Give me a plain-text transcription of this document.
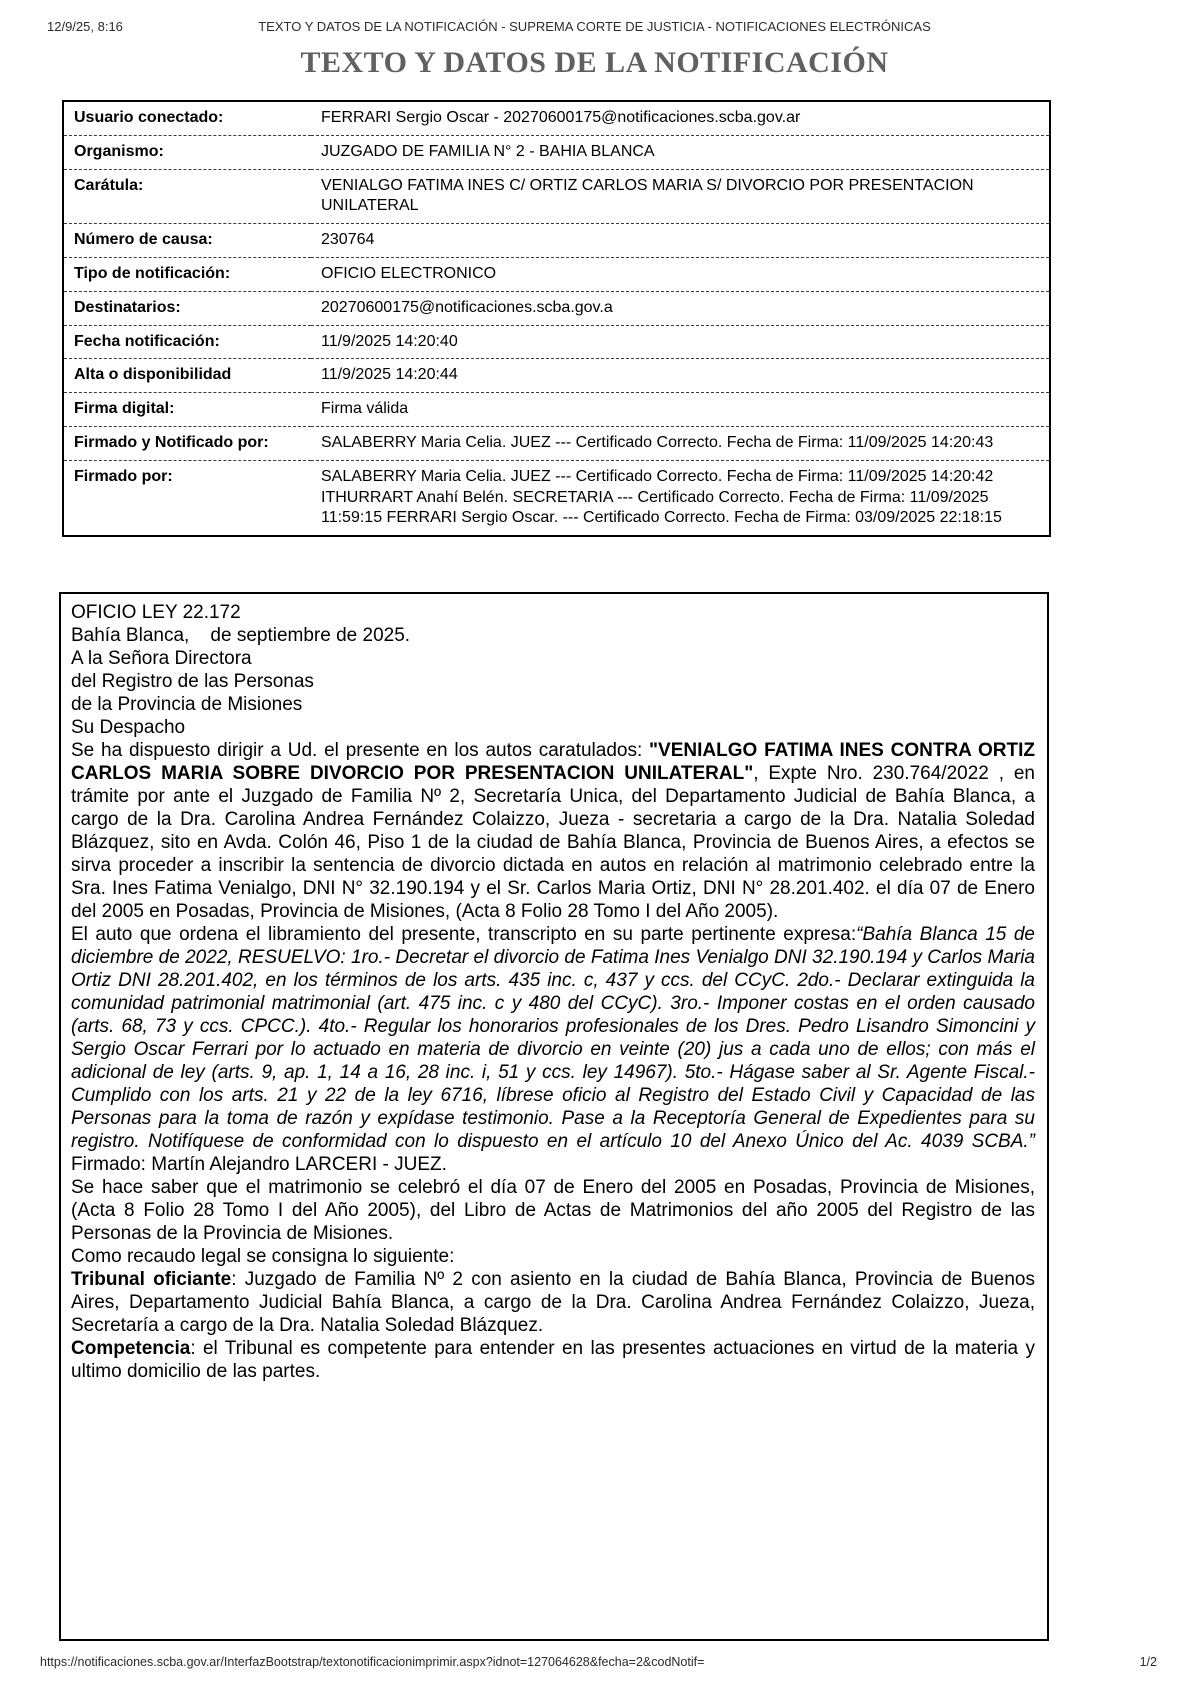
12/9/25, 8:16	TEXTO Y DATOS DE LA NOTIFICACIÓN - SUPREMA CORTE DE JUSTICIA - NOTIFICACIONES ELECTRÓNICAS
TEXTO Y DATOS DE LA NOTIFICACIÓN
Usuario conectado:	FERRARI Sergio Oscar - 20270600175@notificaciones.scba.gov.ar
Organismo:	JUZGADO DE FAMILIA N° 2 - BAHIA BLANCA
Carátula:	VENIALGO FATIMA INES C/ ORTIZ CARLOS MARIA S/ DIVORCIO POR PRESENTACION UNILATERAL
Número de causa:	230764
Tipo de notificación:	OFICIO ELECTRONICO
Destinatarios:	20270600175@notificaciones.scba.gov.a
Fecha notificación:	11/9/2025 14:20:40
Alta o disponibilidad	11/9/2025 14:20:44
Firma digital:	Firma válida
Firmado y Notificado por:	SALABERRY Maria Celia. JUEZ --- Certificado Correcto. Fecha de Firma: 11/09/2025 14:20:43
Firmado por:	SALABERRY Maria Celia. JUEZ --- Certificado Correcto. Fecha de Firma: 11/09/2025 14:20:42 ITHURRART Anahí Belén. SECRETARIA --- Certificado Correcto. Fecha de Firma: 11/09/2025 11:59:15 FERRARI Sergio Oscar. --- Certificado Correcto. Fecha de Firma: 03/09/2025 22:18:15
OFICIO LEY 22.172
Bahía Blanca,    de septiembre de 2025.
A la Señora Directora
del Registro de las Personas
de la Provincia de Misiones
Su Despacho

Se ha dispuesto dirigir a Ud. el presente en los autos caratulados: "VENIALGO FATIMA INES CONTRA ORTIZ CARLOS MARIA SOBRE DIVORCIO POR PRESENTACION UNILATERAL", Expte Nro. 230.764/2022 , en trámite por ante el Juzgado de Familia Nº 2, Secretaría Unica, del Departamento Judicial de Bahía Blanca, a cargo de la Dra. Carolina Andrea Fernández Colaizzo, Jueza - secretaria a cargo de la Dra. Natalia Soledad Blázquez, sito en Avda. Colón 46, Piso 1 de la ciudad de Bahía Blanca, Provincia de Buenos Aires, a efectos se sirva proceder a inscribir la sentencia de divorcio dictada en autos en relación al matrimonio celebrado entre la Sra. Ines Fatima Venialgo, DNI N° 32.190.194 y el Sr. Carlos Maria Ortiz, DNI N° 28.201.402. el día 07 de Enero del 2005 en Posadas, Provincia de Misiones, (Acta 8 Folio 28 Tomo I del Año 2005).

El auto que ordena el libramiento del presente, transcripto en su parte pertinente expresa:“Bahía Blanca 15 de diciembre de 2022, RESUELVO: 1ro.- Decretar el divorcio de Fatima Ines Venialgo DNI 32.190.194 y Carlos Maria Ortiz DNI 28.201.402, en los términos de los arts. 435 inc. c, 437 y ccs. del CCyC. 2do.- Declarar extinguida la comunidad patrimonial matrimonial (art. 475 inc. c y 480 del CCyC). 3ro.- Imponer costas en el orden causado (arts. 68, 73 y ccs. CPCC.). 4to.- Regular los honorarios profesionales de los Dres. Pedro Lisandro Simoncini y Sergio Oscar Ferrari por lo actuado en materia de divorcio en veinte (20) jus a cada uno de ellos; con más el adicional de ley (arts. 9, ap. 1, 14 a 16, 28 inc. i, 51 y ccs. ley 14967). 5to.- Hágase saber al Sr. Agente Fiscal.- Cumplido con los arts. 21 y 22 de la ley 6716, líbrese oficio al Registro del Estado Civil y Capacidad de las Personas para la toma de razón y expídase testimonio. Pase a la Receptoría General de Expedientes para su registro. Notifíquese de conformidad con lo dispuesto en el artículo 10 del Anexo Único del Ac. 4039 SCBA.” Firmado: Martín Alejandro LARCERI - JUEZ.

Se hace saber que el matrimonio se celebró el día 07 de Enero del 2005 en Posadas, Provincia de Misiones, (Acta 8 Folio 28 Tomo I del Año 2005), del Libro de Actas de Matrimonios del año 2005 del Registro de las Personas de la Provincia de Misiones.

Como recaudo legal se consigna lo siguiente:

Tribunal oficiante: Juzgado de Familia Nº 2 con asiento en la ciudad de Bahía Blanca, Provincia de Buenos Aires, Departamento Judicial Bahía Blanca, a cargo de la Dra. Carolina Andrea Fernández Colaizzo, Jueza, Secretaría a cargo de la Dra. Natalia Soledad Blázquez.

Competencia: el Tribunal es competente para entender en las presentes actuaciones en virtud de la materia y ultimo domicilio de las partes.

https://notificaciones.scba.gov.ar/InterfazBootstrap/textonotificacionimprimir.aspx?idnot=127064628&fecha=2&codNotif=	1/2
